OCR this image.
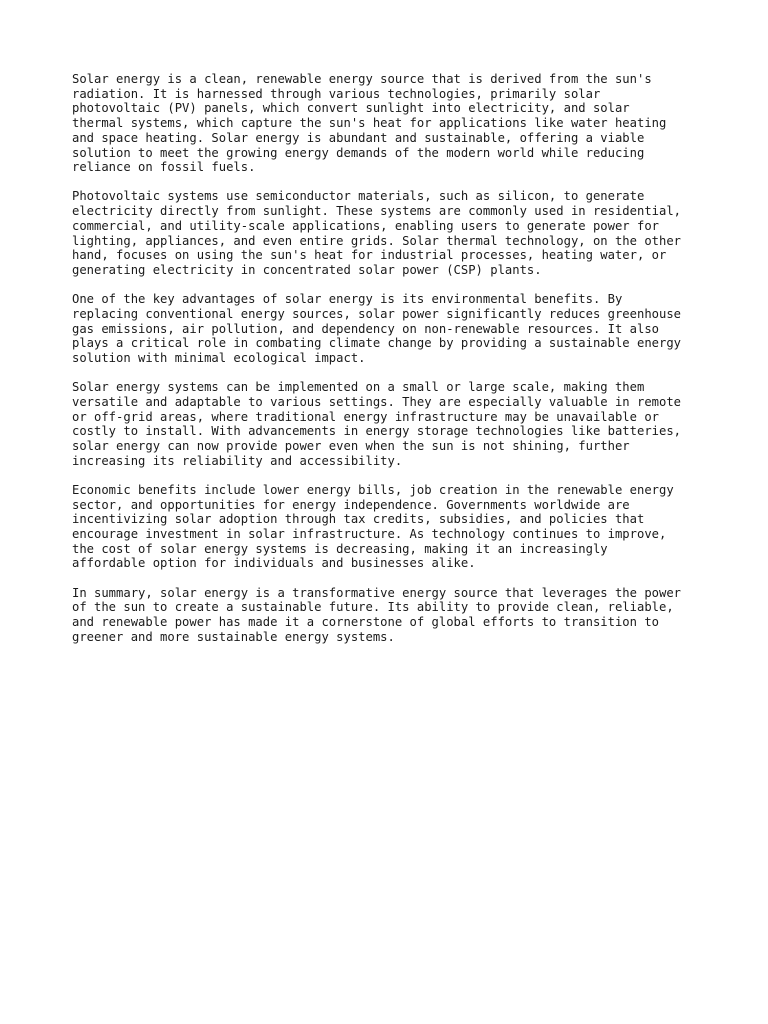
Solar energy is a clean, renewable energy source that is derived from the sun's
radiation. It is harnessed through various technologies, primarily solar
photovoltaic (PV) panels, which convert sunlight into electricity, and solar
thermal systems, which capture the sun's heat for applications like water heating
and space heating. Solar energy is abundant and sustainable, offering a viable
solution to meet the growing energy demands of the modern world while reducing
reliance on fossil fuels.

Photovoltaic systems use semiconductor materials, such as silicon, to generate
electricity directly from sunlight. These systems are commonly used in residential,
commercial, and utility-scale applications, enabling users to generate power for
lighting, appliances, and even entire grids. Solar thermal technology, on the other
hand, focuses on using the sun's heat for industrial processes, heating water, or
generating electricity in concentrated solar power (CSP) plants.

One of the key advantages of solar energy is its environmental benefits. By
replacing conventional energy sources, solar power significantly reduces greenhouse
gas emissions, air pollution, and dependency on non-renewable resources. It also
plays a critical role in combating climate change by providing a sustainable energy
solution with minimal ecological impact.

Solar energy systems can be implemented on a small or large scale, making them
versatile and adaptable to various settings. They are especially valuable in remote
or off-grid areas, where traditional energy infrastructure may be unavailable or
costly to install. With advancements in energy storage technologies like batteries,
solar energy can now provide power even when the sun is not shining, further
increasing its reliability and accessibility.

Economic benefits include lower energy bills, job creation in the renewable energy
sector, and opportunities for energy independence. Governments worldwide are
incentivizing solar adoption through tax credits, subsidies, and policies that
encourage investment in solar infrastructure. As technology continues to improve,
the cost of solar energy systems is decreasing, making it an increasingly
affordable option for individuals and businesses alike.

In summary, solar energy is a transformative energy source that leverages the power
of the sun to create a sustainable future. Its ability to provide clean, reliable,
and renewable power has made it a cornerstone of global efforts to transition to
greener and more sustainable energy systems.
